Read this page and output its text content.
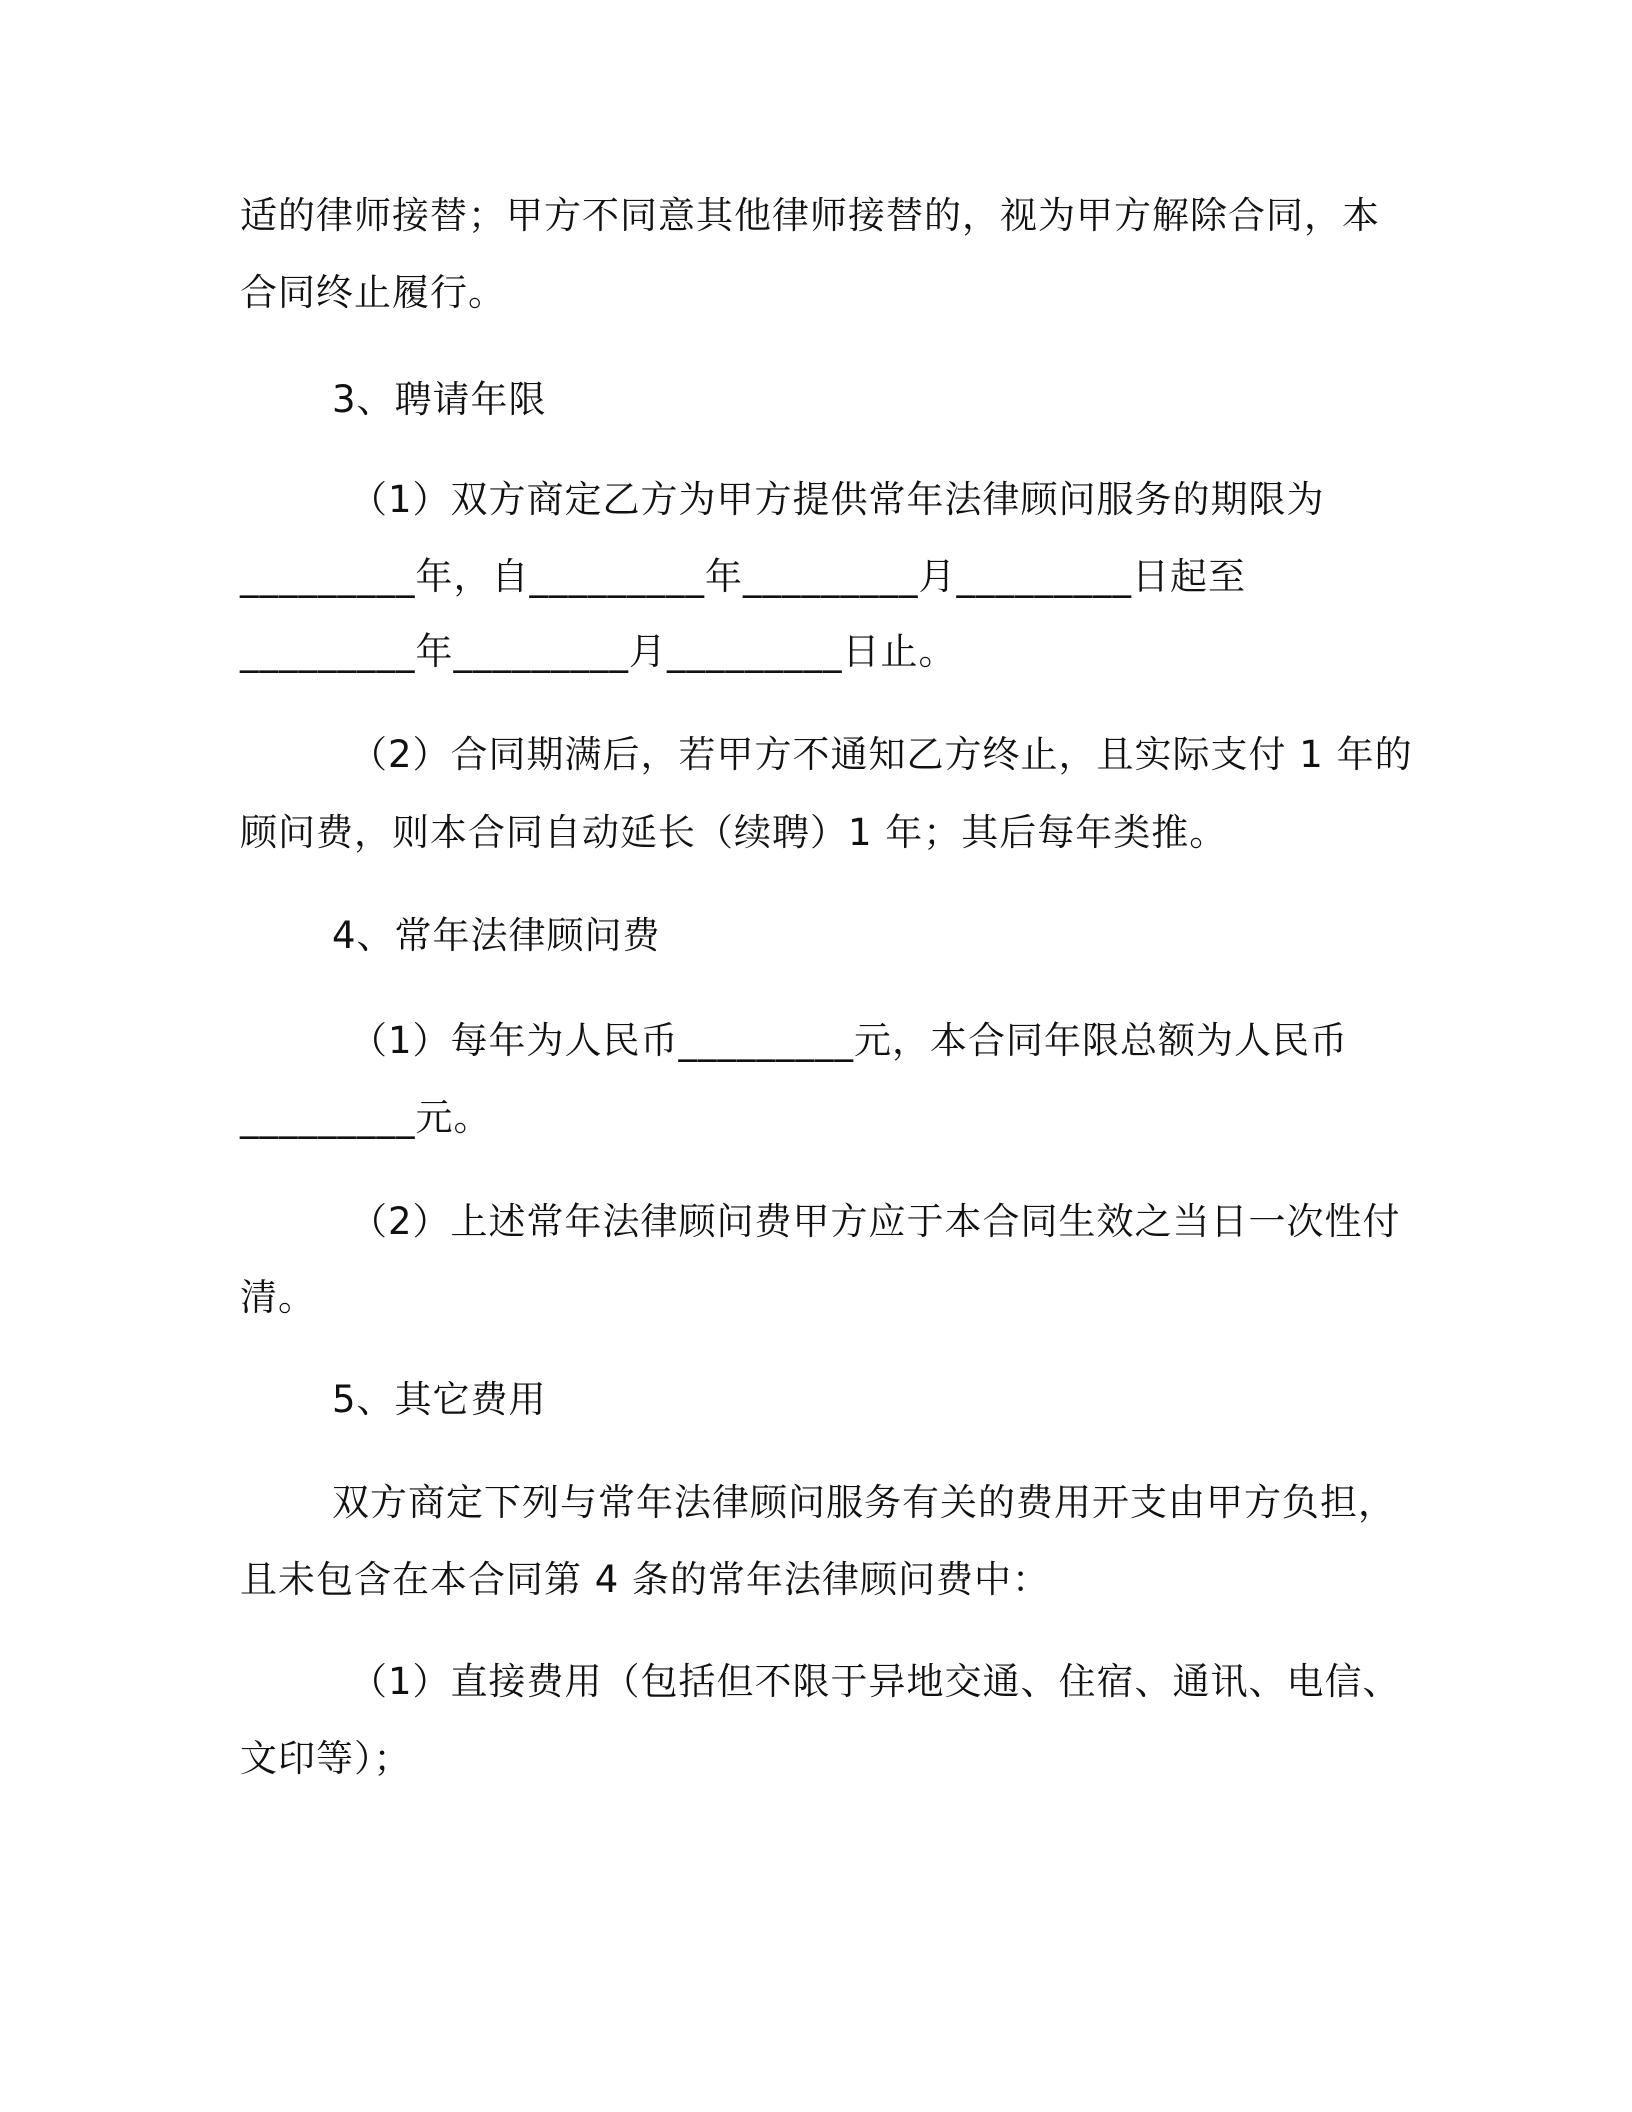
适的律师接替；甲方不同意其他律师接替的，视为甲方解除合同，本
合同终止履行。
3、聘请年限
（1）双方商定乙方为甲方提供常年法律顾问服务的期限为
_________年，自_________年_________月_________日起至
_________年_________月_________日止。
（2）合同期满后，若甲方不通知乙方终止，且实际支付 1 年的
顾问费，则本合同自动延长（续聘）1 年；其后每年类推。
4、常年法律顾问费
（1）每年为人民币_________元，本合同年限总额为人民币
_________元。
（2）上述常年法律顾问费甲方应于本合同生效之当日一次性付
清。
5、其它费用
双方商定下列与常年法律顾问服务有关的费用开支由甲方负担，
且未包含在本合同第 4 条的常年法律顾问费中：
（1）直接费用（包括但不限于异地交通、住宿、通讯、电信、
文印等）；
